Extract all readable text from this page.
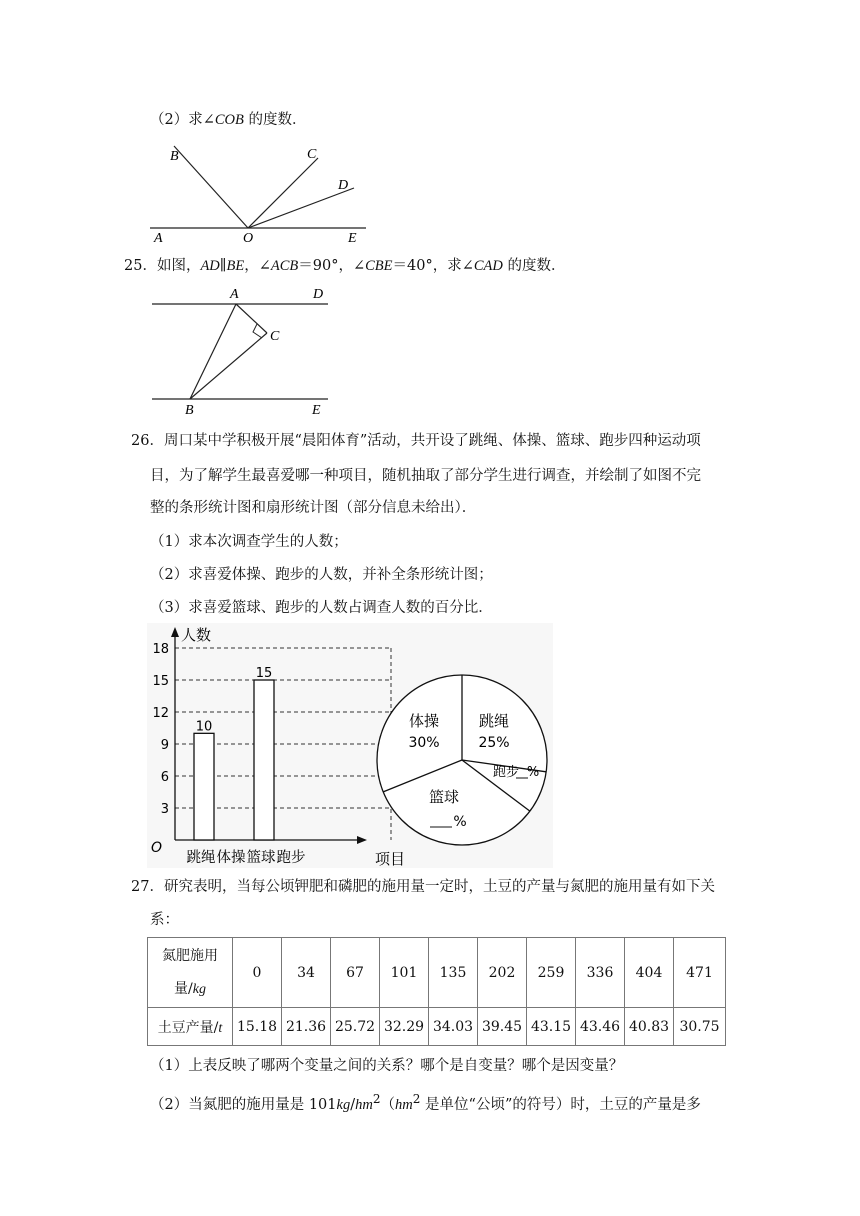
（2）求∠COB 的度数．
B	C
D
A	O	E
25．如图，AD∥BE，∠ACB＝90°，∠CBE＝40°，求∠CAD 的度数．
A	D
C
B	E
26．周口某中学积极开展“晨阳体育”活动，共开设了跳绳、体操、篮球、跑步四种运动项
目，为了解学生最喜爱哪一种项目，随机抽取了部分学生进行调查，并绘制了如图不完
整的条形统计图和扇形统计图（部分信息未给出）．
（1）求本次调查学生的人数；
（2）求喜爱体操、跑步的人数，并补全条形统计图；
（3）求喜爱篮球、跑步的人数占调查人数的百分比．
3
6
9
12
15
18
人数
项目
O
跳绳
10
体操 篮球
15
跑步
体操
30%
跳绳
25%
跑步 %
篮球
%
27．研究表明，当每公顷钾肥和磷肥的施用量一定时，土豆的产量与氮肥的施用量有如下关
系：
氮肥施用
量/kg	0	34	67	101	135	202	259	336	404	471
土豆产量/t	15.18	21.36	25.72	32.29	34.03	39.45	43.15	43.46	40.83	30.75
（1）上表反映了哪两个变量之间的关系？哪个是自变量？哪个是因变量？
（2）当氮肥的施用量是 $101kg/hm^2(hm^2$ 是单位“公顷”的符号）时，土豆的产量是多
